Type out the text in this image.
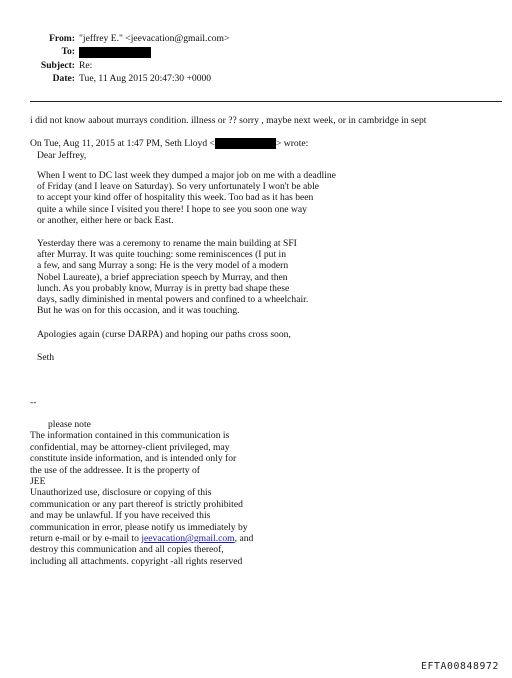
From: "jeffrey E." <jeevacation@gmail.com>
To:
Subject: Re:
Date: Tue, 11 Aug 2015 20:47:30 +0000
i did not know aabout murrays condition. illness or ?? sorry , maybe next week, or in cambridge in sept
On Tue, Aug 11, 2015 at 1:47 PM, Seth Lloyd <	> wrote:
Dear Jeffrey,
When I went to DC last week they dumped a major job on me with a deadline
of Friday (and I leave on Saturday). So very unfortunately I won't be able
to accept your kind offer of hospitality this week. Too bad as it has been
quite a while since I visited you there! I hope to see you soon one way
or another, either here or back East.
Yesterday there was a ceremony to rename the main building at SFI
after Murray. It was quite touching: some reminiscences (I put in
a few, and sang Murray a song: He is the very model of a modern
Nobel Laureate), a brief appreciation speech by Murray, and then
lunch. As you probably know, Murray is in pretty bad shape these
days, sadly diminished in mental powers and confined to a wheelchair.
But he was on for this occasion, and it was touching.
Apologies again (curse DARPA) and hoping our paths cross soon,
Seth
--
please note
The information contained in this communication is
confidential, may be attorney-client privileged, may
constitute inside information, and is intended only for
the use of the addressee. It is the property of
JEE
Unauthorized use, disclosure or copying of this
communication or any part thereof is strictly prohibited
and may be unlawful. If you have received this
communication in error, please notify us immediately by
return e-mail or by e-mail to jeevacation@gmail.com, and
destroy this communication and all copies thereof,
including all attachments. copyright -all rights reserved
EFTA00848972
